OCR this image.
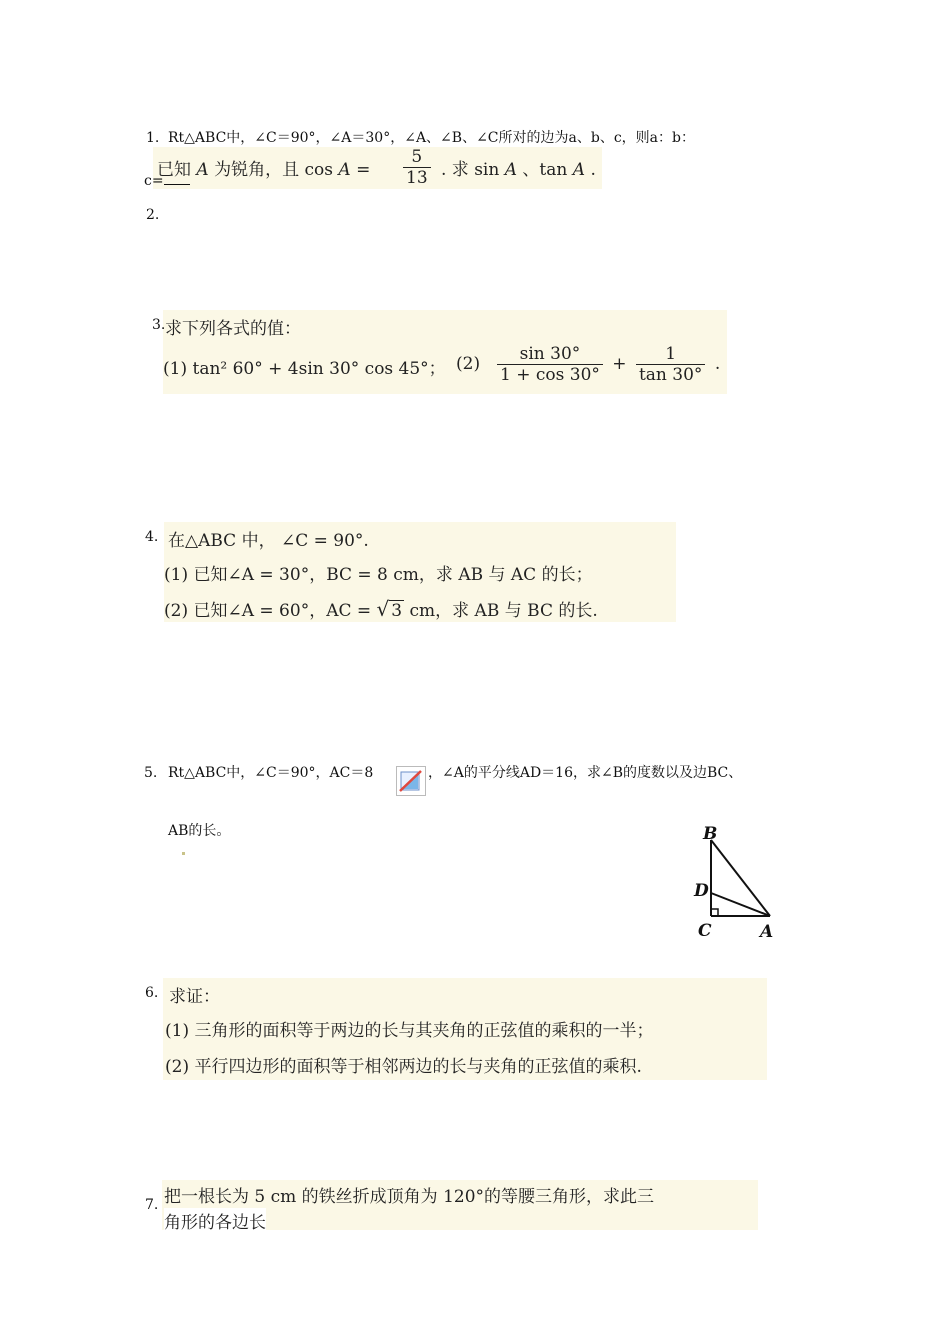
1. Rt△ABC中，∠C＝90°，∠A＝30°，∠A、∠B、∠C所对的边为a、b、c，则a：b：
已知 A 为锐角，且 $\cos A = \frac{5}{13}$ . 求 sin A 、tan A .
c=
2.
求下列各式的值：
(1) tan² 60° + 4sin 30° cos 45°； $(2) \frac{\sin 30^\circ}{1 + \cos 30^\circ} + \frac{1}{\tan 30^\circ}$ .
3.
4. 在△ABC 中， ∠C = 90°.
(1) 已知∠A = 30°，BC = 8 cm，求 AB 与 AC 的长；
(2) 已知∠A = 60°，AC = √ 3 cm，求 AB 与 BC 的长.
5. Rt△ABC中，∠C＝90°，AC＝8	，∠A的平分线AD＝16，求∠B的度数以及边BC、
AB的长。	B
D
C	A
6. 求证：
(1) 三角形的面积等于两边的长与其夹角的正弦值的乘积的一半；
(2) 平行四边形的面积等于相邻两边的长与夹角的正弦值的乘积.
7. 把一根长为 5 cm 的铁丝折成顶角为 120°的等腰三角形，求此三
角形的各边长
